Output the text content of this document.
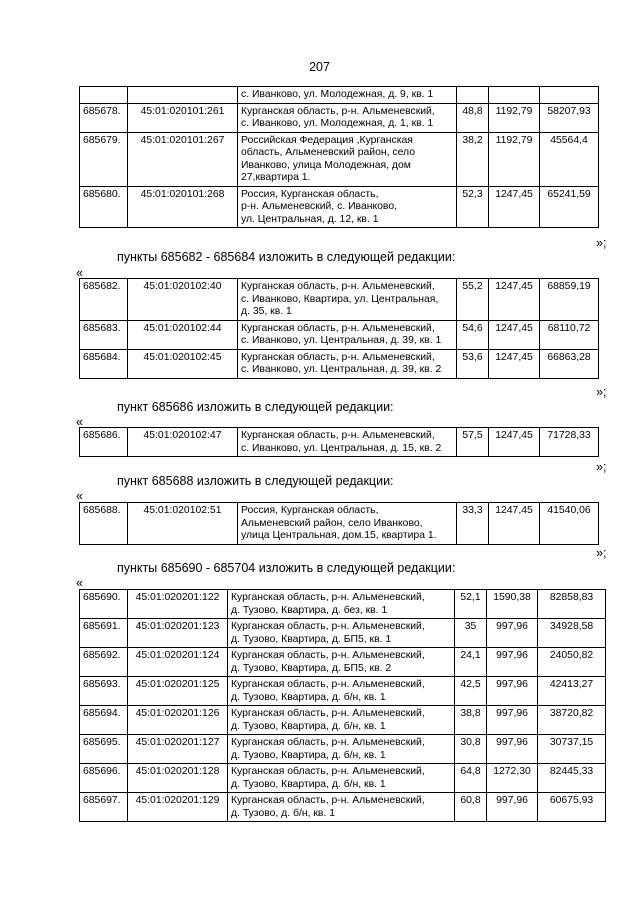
207

		с. Иванково, ул. Молодежная, д. 9, кв. 1			

685678.	45:01:020101:261	Курганская область, р-н. Альменевский,
с. Иванково, ул. Молодежная, д. 1, кв. 1	48,8	1192,79	58207,93
685679.	45:01:020101:267	Российская Федерация ,Курганская
область, Альменевский район, село
Иванково, улица Молодежная, дом
27,квартира 1.	38,2	1192,79	45564,4
685680.	45:01:020101:268	Россия, Курганская область,
р-н. Альменевский, с. Иванково,
ул. Центральная, д. 12, кв. 1	52,3	1247,45	65241,59
»;
пункты 685682 - 685684 изложить в следующей редакции:
«
685682.	45:01:020102:40	Курганская область, р-н. Альменевский,
с. Иванково, Квартира, ул. Центральная,
д. 35, кв. 1	55,2	1247,45	68859,19
685683.	45:01:020102:44	Курганская область, р-н. Альменевский,
с. Иванково, ул. Центральная, д. 39, кв. 1	54,6	1247,45	68110,72
685684.	45:01:020102:45	Курганская область, р-н. Альменевский,
с. Иванково, ул. Центральная, д. 39, кв. 2	53,6	1247,45	66863,28
»;
пункт 685686 изложить в следующей редакции:
«
685686.	45:01:020102:47	Курганская область, р-н. Альменевский,
с. Иванково, ул. Центральная, д. 15, кв. 2
	57,5	1247,45	71728,33
»;
пункт 685688 изложить в следующей редакции:
«
685688.	45:01:020102:51	Россия, Курганская область,
Альменевский район, село Иванково,
улица Центральная, дом.15, квартира 1.
	33,3	1247,45	41540,06
»;
пункты 685690 - 685704 изложить в следующей редакции:
«
685690.	45:01:020201:122	Курганская область, р-н. Альменевский,
д. Тузово, Квартира, д. без, кв. 1	52,1	1590,38	82858,83
685691.	45:01:020201:123	Курганская область, р-н. Альменевский,
д. Тузово, Квартира, д. БП5, кв. 1	35	997,96	34928,58
685692.	45:01:020201:124	Курганская область, р-н. Альменевский,
д. Тузово, Квартира, д. БП5, кв. 2	24,1	997,96	24050,82
685693.	45:01:020201:125	Курганская область, р-н. Альменевский,
д. Тузово, Квартира, д. б/н, кв. 1	42,5	997,96	42413,27
685694.	45:01:020201:126	Курганская область, р-н. Альменевский,
д. Тузово, Квартира, д. б/н, кв. 1	38,8	997,96	38720,82
685695.	45:01:020201:127	Курганская область, р-н. Альменевский,
д. Тузово, Квартира, д. б/н, кв. 1	30,8	997,96	30737,15
685696.	45:01:020201:128	Курганская область, р-н. Альменевский,
д. Тузово, Квартира, д. б/н, кв. 1	64,8	1272,30	82445,33
685697.	45:01:020201:129	Курганская область, р-н. Альменевский,
д. Тузово, д. б/н, кв. 1	60,8	997,96	60675,93
